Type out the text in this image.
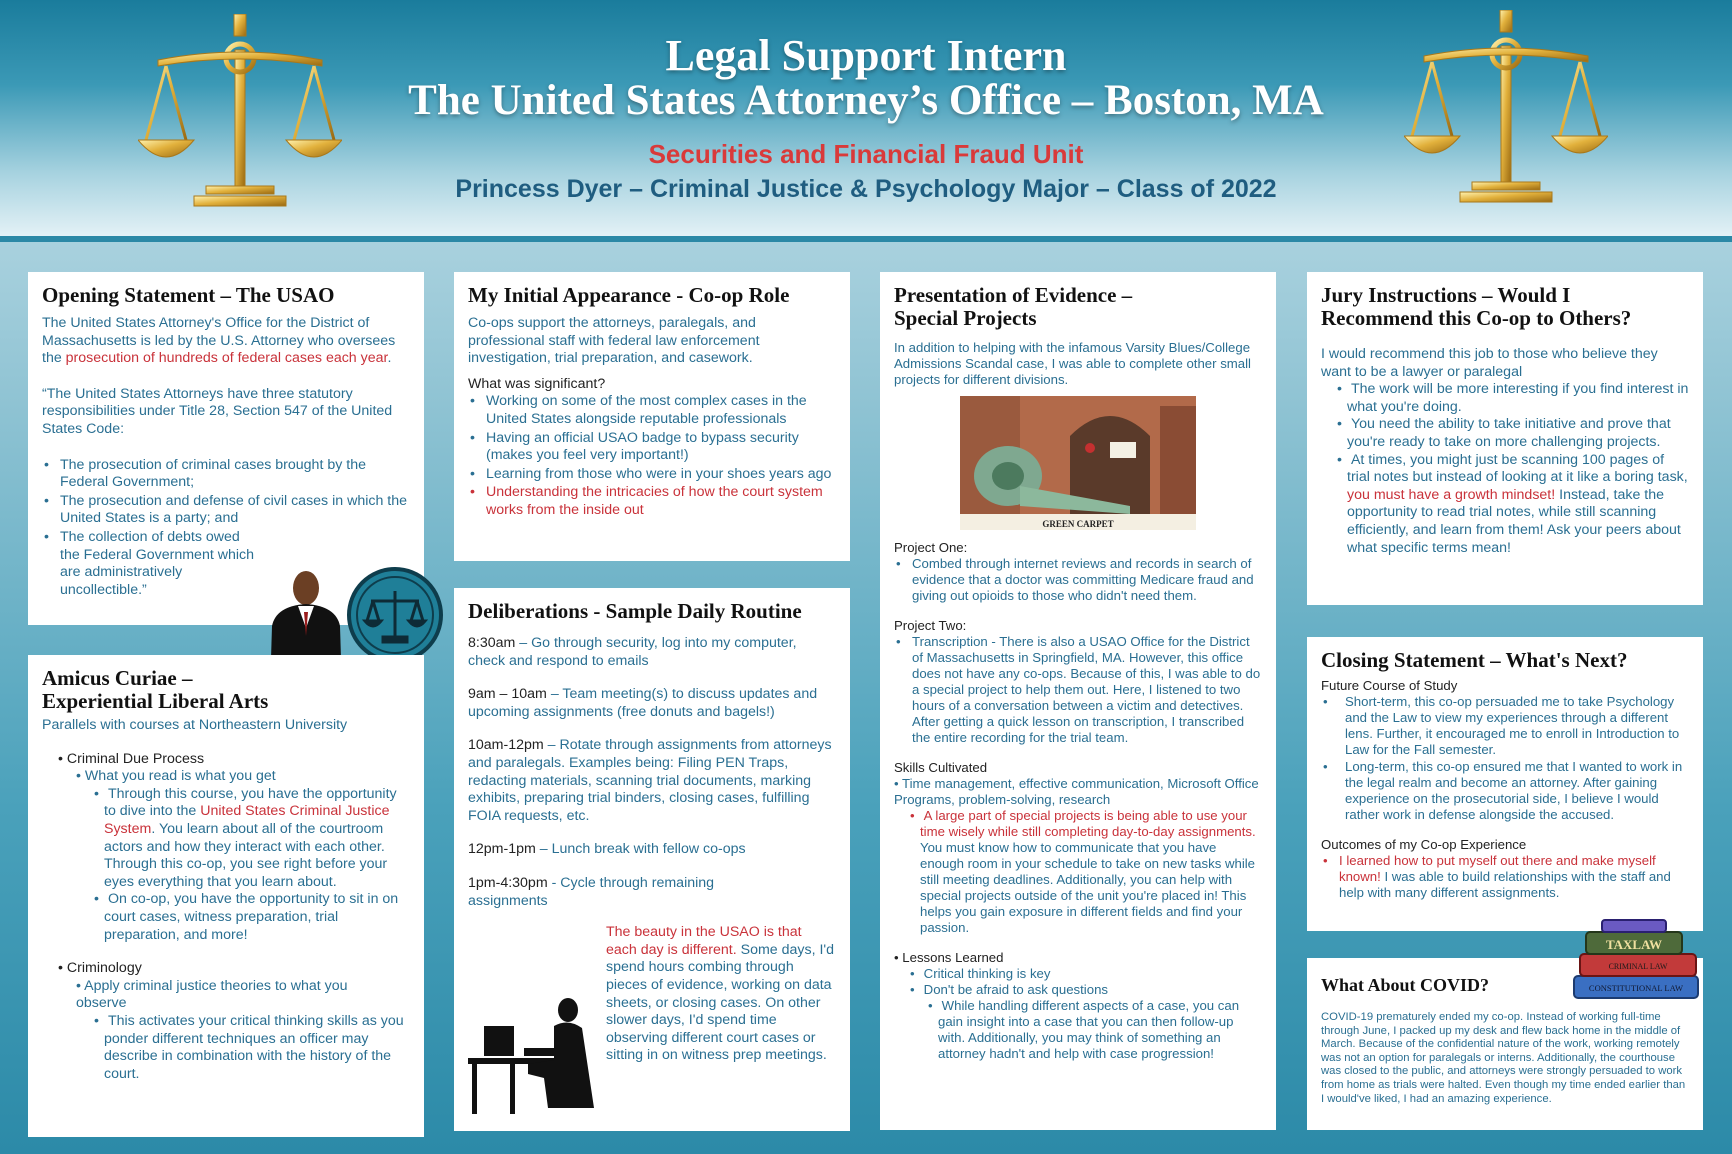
Legal Support Intern
The United States Attorney’s Office – Boston, MA
Securities and Financial Fraud Unit
Princess Dyer – Criminal Justice & Psychology Major – Class of 2022
Opening Statement – The USAO

The United States Attorney's Office for the District of Massachusetts is led by the U.S. Attorney who oversees the prosecution of hundreds of federal cases each year.

“The United States Attorneys have three statutory responsibilities under Title 28, Section 547 of the United States Code:

• The prosecution of criminal cases brought by the Federal Government;
• The prosecution and defense of civil cases in which the United States is a party; and
• The collection of debts owed the Federal Government which are administratively uncollectible.”
Amicus Curiae –
Experiential Liberal Arts

Parallels with courses at Northeastern University

• Criminal Due Process
• What you read is what you get
•  Through this course, you have the opportunity to dive into the United States Criminal Justice System. You learn about all of the courtroom actors and how they interact with each other. Through this co-op, you see right before your eyes everything that you learn about.
•  On co-op, you have the opportunity to sit in on court cases, witness preparation, trial preparation, and more!
• Criminology
• Apply criminal justice theories to what you observe
•  This activates your critical thinking skills as you ponder different techniques an officer may describe in combination with the history of the court.
My Initial Appearance - Co-op Role

Co-ops support the attorneys, paralegals, and professional staff with federal law enforcement investigation, trial preparation, and casework.

What was significant?
• Working on some of the most complex cases in the United States alongside reputable professionals
• Having an official USAO badge to bypass security (makes you feel very important!)
• Learning from those who were in your shoes years ago
• Understanding the intricacies of how the court system works from the inside out
Deliberations - Sample Daily Routine

8:30am – Go through security, log into my computer, check and respond to emails

9am – 10am – Team meeting(s) to discuss updates and upcoming assignments (free donuts and bagels!)

10am-12pm – Rotate through assignments from attorneys and paralegals. Examples being: Filing PEN Traps, redacting materials, scanning trial documents, marking exhibits, preparing trial binders, closing cases, fulfilling FOIA requests, etc.

12pm-1pm – Lunch break with fellow co-ops

1pm-4:30pm - Cycle through remaining assignments

The beauty in the USAO is that each day is different. Some days, I'd spend hours combing through pieces of evidence, working on data sheets, or closing cases. On other slower days, I'd spend time observing different court cases or sitting in on witness prep meetings.

Presentation of Evidence –
Special Projects

In addition to helping with the infamous Varsity Blues/College Admissions Scandal case, I was able to complete other small projects for different divisions.

GREEN CARPET
Project One:
• Combed through internet reviews and records in search of evidence that a doctor was committing Medicare fraud and giving out opioids to those who didn't need them.
Project Two:
• Transcription - There is also a USAO Office for the District of Massachusetts in Springfield, MA. However, this office does not have any co-ops. Because of this, I was able to do a special project to help them out. Here, I listened to two hours of a conversation between a victim and detectives. After getting a quick lesson on transcription, I transcribed the entire recording for the trial team.
Skills Cultivated
• Time management, effective communication, Microsoft Office Programs, problem-solving, research
•  A large part of special projects is being able to use your time wisely while still completing day-to-day assignments. You must know how to communicate that you have enough room in your schedule to take on new tasks while still meeting deadlines. Additionally, you can help with special projects outside of the unit you're placed in! This helps you gain exposure in different fields and find your passion.
• Lessons Learned
•  Critical thinking is key
•  Don't be afraid to ask questions
•  While handling different aspects of a case, you can gain insight into a case that you can then follow-up with. Additionally, you may think of something an attorney hadn't and help with case progression!
Jury Instructions – Would I
Recommend this Co-op to Others?
I would recommend this job to those who believe they want to be a lawyer or paralegal
•  The work will be more interesting if you find interest in what you're doing.
•  You need the ability to take initiative and prove that you're ready to take on more challenging projects.
•  At times, you might just be scanning 100 pages of trial notes but instead of looking at it like a boring task, you must have a growth mindset! Instead, take the opportunity to read trial notes, while still scanning efficiently, and learn from them! Ask your peers about what specific terms mean!
Closing Statement – What's Next?
Future Course of Study
• Short-term, this co-op persuaded me to take Psychology and the Law to view my experiences through a different lens. Further, it encouraged me to enroll in Introduction to Law for the Fall semester.
• Long-term, this co-op ensured me that I wanted to work in the legal realm and become an attorney. After gaining experience on the prosecutorial side, I believe I would rather work in defense alongside the accused.
Outcomes of my Co-op Experience
• I learned how to put myself out there and make myself known! I was able to build relationships with the staff and help with many different assignments.
What About COVID?

COVID-19 prematurely ended my co-op. Instead of working full-time through June, I packed up my desk and flew back home in the middle of March. Because of the confidential nature of the work, working remotely was not an option for paralegals or interns. Additionally, the courthouse was closed to the public, and attorneys were strongly persuaded to work from home as trials were halted. Even though my time ended earlier than I would've liked, I had an amazing experience.

TAXLAW
CRIMINAL LAW
CONSTITUTIONAL LAW
